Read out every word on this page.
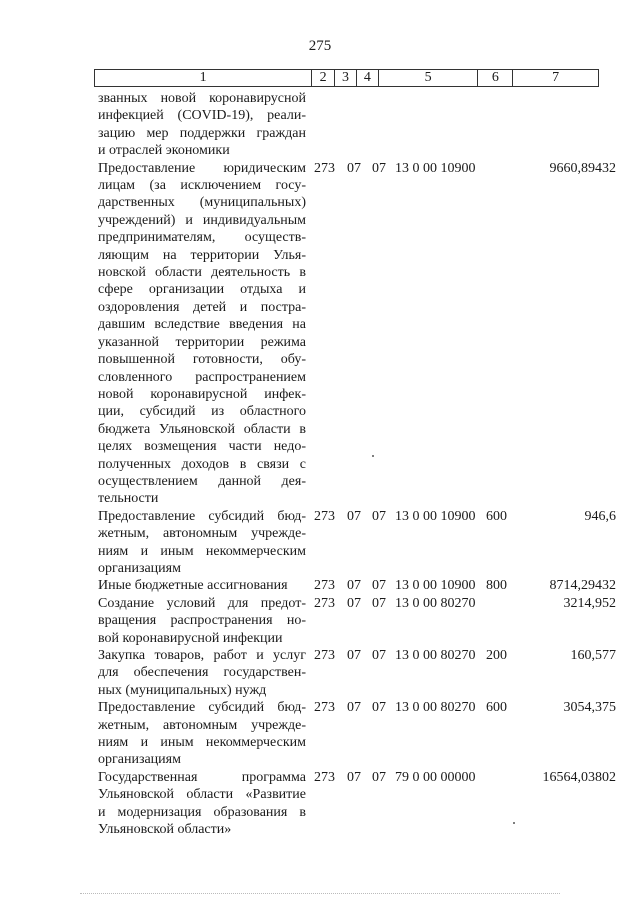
275
1	2	3	4	5	6	7
званных новой коронавирусной
инфекцией (COVID-19), реали-
зацию мер поддержки граждан
и отраслей экономики
Предоставление юридическим
лицам (за исключением госу-
дарственных (муниципальных)
учреждений) и индивидуальным
предпринимателям, осуществ-
ляющим на территории Улья-
новской области деятельность в
сфере организации отдыха и
оздоровления детей и постра-
давшим вследствие введения на
указанной территории режима
повышенной готовности, обу-
словленного распространением
новой коронавирусной инфек-
ции, субсидий из областного
бюджета Ульяновской области в
целях возмещения части недо-
полученных доходов в связи с
осуществлением данной дея-
тельности
273 07 07 13 0 00 10900	9660,89432
Предоставление субсидий бюд-
жетным, автономным учрежде-
ниям и иным некоммерческим
организациям
273 07 07 13 0 00 10900 600	946,6
Иные бюджетные ассигнования	273 07 07 13 0 00 10900 800	8714,29432
Создание условий для предот-
вращения распространения но-
вой коронавирусной инфекции
273 07 07 13 0 00 80270	3214,952
Закупка товаров, работ и услуг
для обеспечения государствен-
ных (муниципальных) нужд
273 07 07 13 0 00 80270 200	160,577
Предоставление субсидий бюд-
жетным, автономным учрежде-
ниям и иным некоммерческим
организациям
273 07 07 13 0 00 80270 600	3054,375
Государственная программа
Ульяновской области «Развитие
и модернизация образования в
Ульяновской области»
273 07 07 79 0 00 00000	16564,03802
